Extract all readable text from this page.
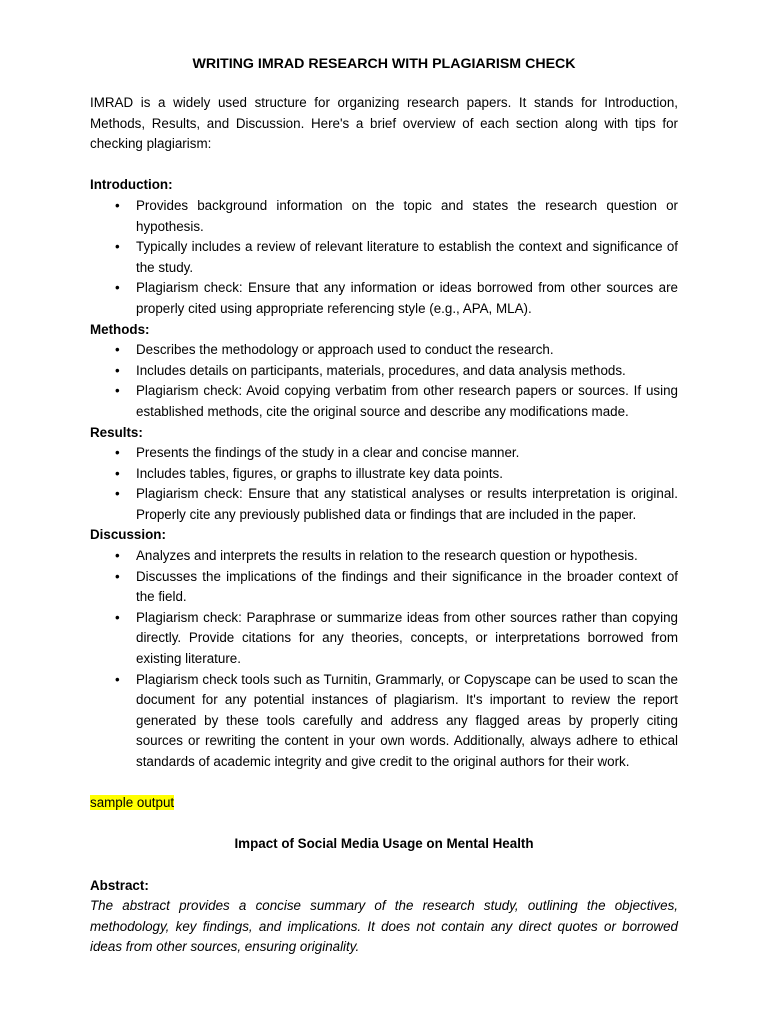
WRITING IMRAD RESEARCH WITH PLAGIARISM CHECK

IMRAD is a widely used structure for organizing research papers. It stands for Introduction, Methods, Results, and Discussion. Here's a brief overview of each section along with tips for checking plagiarism:

Introduction:

• Provides background information on the topic and states the research question or hypothesis.
• Typically includes a review of relevant literature to establish the context and significance of the study.
• Plagiarism check: Ensure that any information or ideas borrowed from other sources are properly cited using appropriate referencing style (e.g., APA, MLA).

Methods:

• Describes the methodology or approach used to conduct the research.
• Includes details on participants, materials, procedures, and data analysis methods.
• Plagiarism check: Avoid copying verbatim from other research papers or sources. If using established methods, cite the original source and describe any modifications made.

Results:

• Presents the findings of the study in a clear and concise manner.
• Includes tables, figures, or graphs to illustrate key data points.
• Plagiarism check: Ensure that any statistical analyses or results interpretation is original. Properly cite any previously published data or findings that are included in the paper.

Discussion:

• Analyzes and interprets the results in relation to the research question or hypothesis.
• Discusses the implications of the findings and their significance in the broader context of the field.
• Plagiarism check: Paraphrase or summarize ideas from other sources rather than copying directly. Provide citations for any theories, concepts, or interpretations borrowed from existing literature.
• Plagiarism check tools such as Turnitin, Grammarly, or Copyscape can be used to scan the document for any potential instances of plagiarism. It's important to review the report generated by these tools carefully and address any flagged areas by properly citing sources or rewriting the content in your own words. Additionally, always adhere to ethical standards of academic integrity and give credit to the original authors for their work.

sample output

Impact of Social Media Usage on Mental Health

Abstract:

The abstract provides a concise summary of the research study, outlining the objectives, methodology, key findings, and implications. It does not contain any direct quotes or borrowed ideas from other sources, ensuring originality.
